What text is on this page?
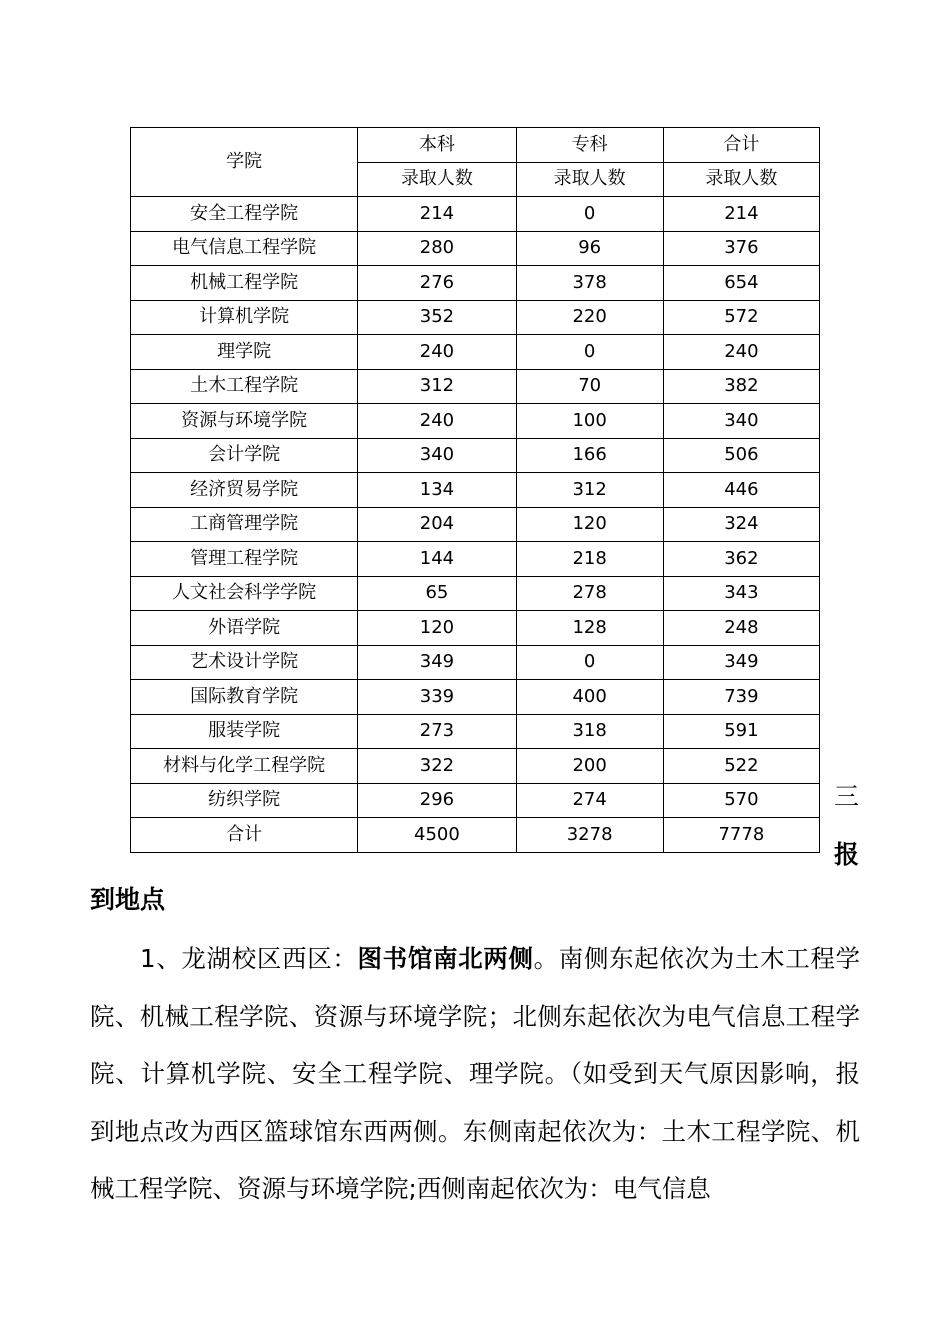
学院	本科	专科	合计
	录取人数	录取人数	录取人数
安全工程学院	214	0	214
电气信息工程学院	280	96	376
机械工程学院	276	378	654
计算机学院	352	220	572
理学院	240	0	240
土木工程学院	312	70	382
资源与环境学院	240	100	340
会计学院	340	166	506
经济贸易学院	134	312	446
工商管理学院	204	120	324
管理工程学院	144	218	362
人文社会科学学院	65	278	343
外语学院	120	128	248
艺术设计学院	349	0	349
国际教育学院	339	400	739
服装学院	273	318	591
材料与化学工程学院	322	200	522
纺织学院	296	274	570
合计	4500	3278	7778
三
报
到地点

1、龙湖校区西区：图书馆南北两侧。南侧东起依次为土木工程学院、机械工程学院、资源与环境学院；北侧东起依次为电气信息工程学院、计算机学院、安全工程学院、理学院。（如受到天气原因影响，报到地点改为西区篮球馆东西两侧。东侧南起依次为：土木工程学院、机械工程学院、资源与环境学院;西侧南起依次为：电气信息
